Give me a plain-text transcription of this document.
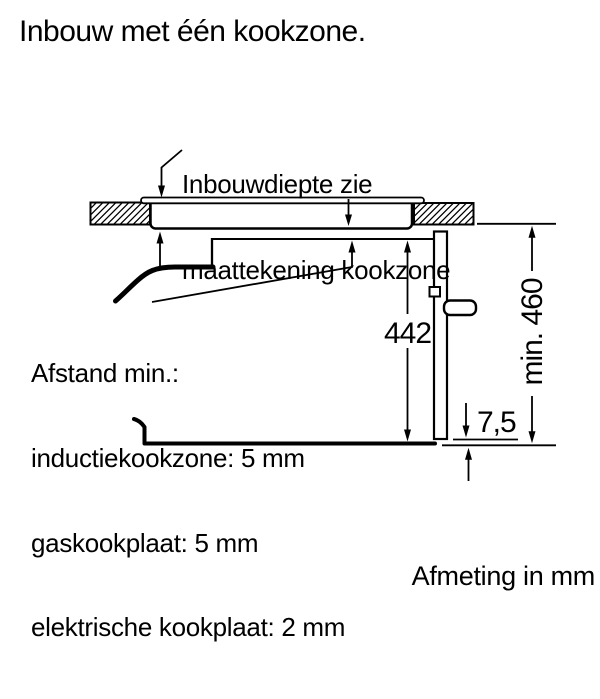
Inbouw met één kookzone.

Inbouwdiepte zie

maattekening kookzone

Afstand min.:

inductiekookzone: 5 mm

gaskookplaat: 5 mm

elektrische kookplaat: 2 mm

442	min. 460
7,5
Afmeting in mm
